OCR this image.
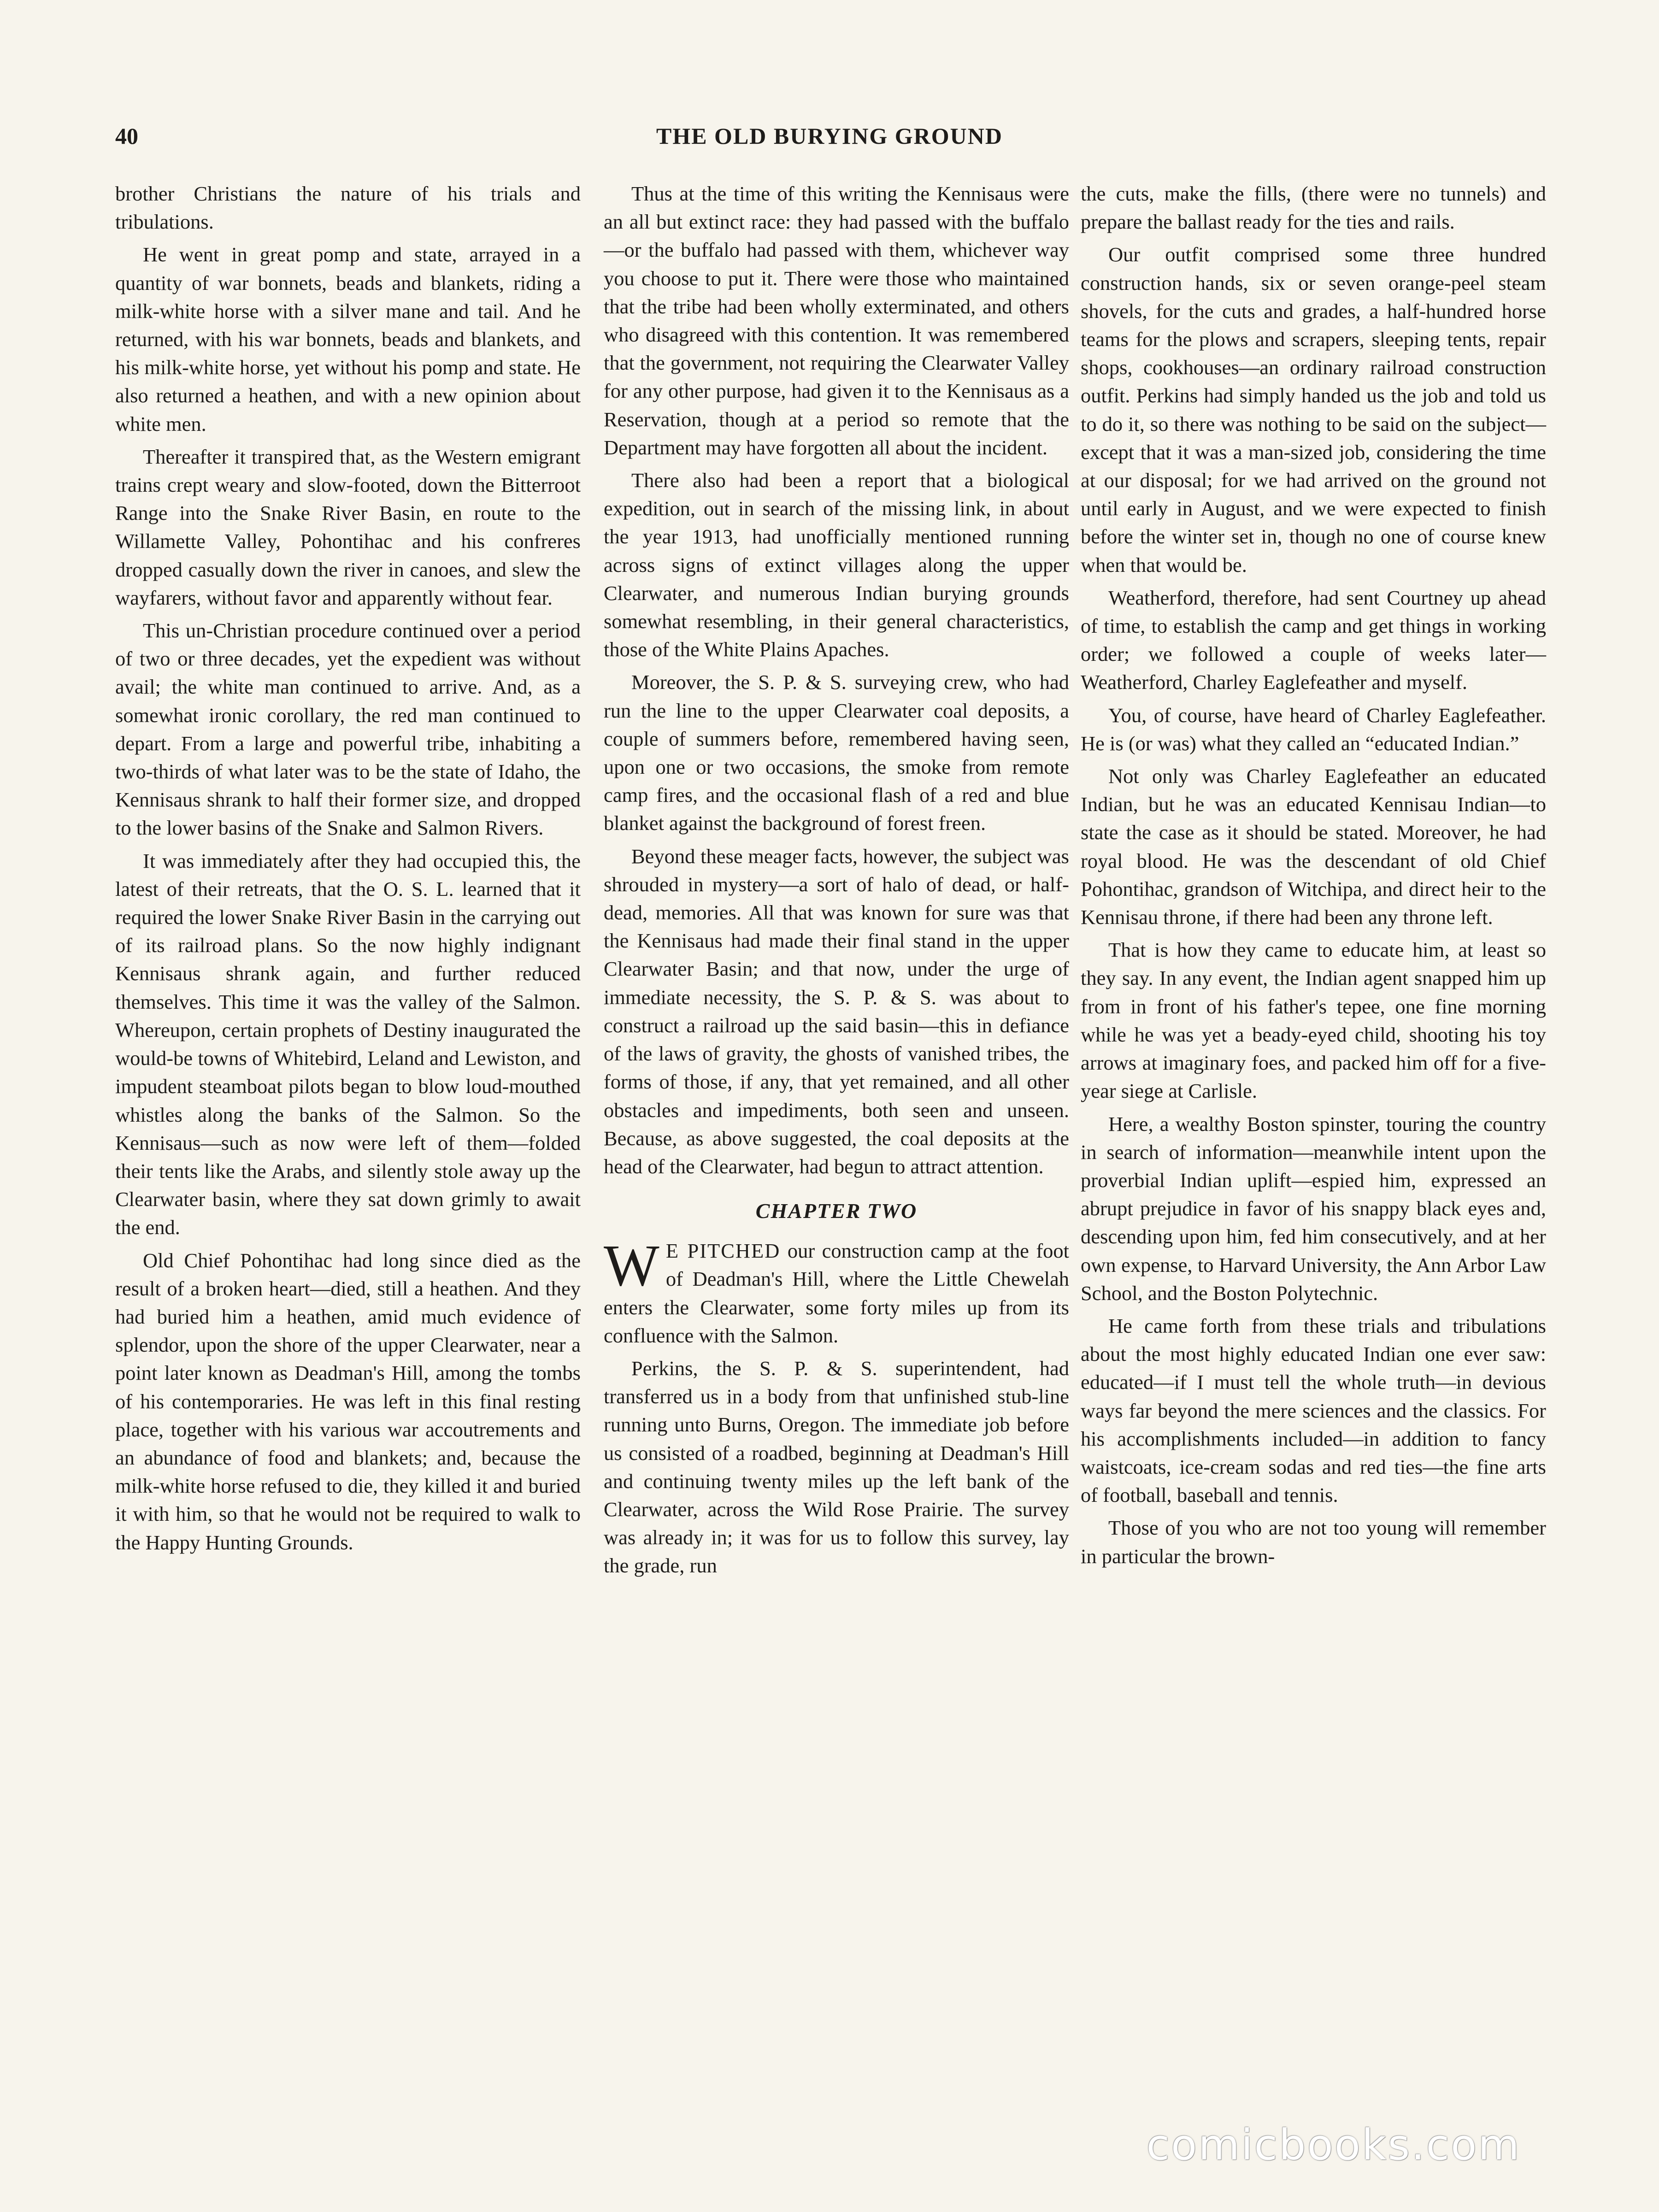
40	THE OLD BURYING GROUND

brother Christians the nature of his trials and tribulations.

He went in great pomp and state, arrayed in a quantity of war bonnets, beads and blankets, riding a milk-white horse with a silver mane and tail. And he returned, with his war bonnets, beads and blankets, and his milk-white horse, yet without his pomp and state. He also returned a heathen, and with a new opinion about white men.

Thereafter it transpired that, as the Western emigrant trains crept weary and slow-footed, down the Bitterroot Range into the Snake River Basin, en route to the Willamette Valley, Pohontihac and his confreres dropped casually down the river in canoes, and slew the wayfarers, without favor and apparently without fear.

This un-Christian procedure continued over a period of two or three decades, yet the expedient was without avail; the white man continued to arrive. And, as a somewhat ironic corollary, the red man continued to depart. From a large and powerful tribe, inhabiting a two-thirds of what later was to be the state of Idaho, the Kennisaus shrank to half their former size, and dropped to the lower basins of the Snake and Salmon Rivers.

It was immediately after they had occupied this, the latest of their retreats, that the O. S. L. learned that it required the lower Snake River Basin in the carrying out of its railroad plans. So the now highly indignant Kennisaus shrank again, and further reduced themselves. This time it was the valley of the Salmon. Whereupon, certain prophets of Destiny inaugurated the would-be towns of Whitebird, Leland and Lewiston, and impudent steamboat pilots began to blow loud-mouthed whistles along the banks of the Salmon. So the Kennisaus—such as now were left of them—folded their tents like the Arabs, and silently stole away up the Clearwater basin, where they sat down grimly to await the end.

Old Chief Pohontihac had long since died as the result of a broken heart—died, still a heathen. And they had buried him a heathen, amid much evidence of splendor, upon the shore of the upper Clearwater, near a point later known as Deadman's Hill, among the tombs of his contemporaries. He was left in this final resting place, together with his various war accoutrements and an abundance of food and blankets; and, because the milk-white horse refused to die, they killed it and buried it with him, so that he would not be required to walk to the Happy Hunting Grounds.

Thus at the time of this writing the Kennisaus were an all but extinct race: they had passed with the buffalo—or the buffalo had passed with them, whichever way you choose to put it. There were those who maintained that the tribe had been wholly exterminated, and others who disagreed with this contention. It was remembered that the government, not requiring the Clearwater Valley for any other purpose, had given it to the Kennisaus as a Reservation, though at a period so remote that the Department may have forgotten all about the incident.

There also had been a report that a biological expedition, out in search of the missing link, in about the year 1913, had unofficially mentioned running across signs of extinct villages along the upper Clearwater, and numerous Indian burying grounds somewhat resembling, in their general characteristics, those of the White Plains Apaches.

Moreover, the S. P. & S. surveying crew, who had run the line to the upper Clearwater coal deposits, a couple of summers before, remembered having seen, upon one or two occasions, the smoke from remote camp fires, and the occasional flash of a red and blue blanket against the background of forest freen.

Beyond these meager facts, however, the subject was shrouded in mystery—a sort of halo of dead, or half-dead, memories. All that was known for sure was that the Kennisaus had made their final stand in the upper Clearwater Basin; and that now, under the urge of immediate necessity, the S. P. & S. was about to construct a railroad up the said basin—this in defiance of the laws of gravity, the ghosts of vanished tribes, the forms of those, if any, that yet remained, and all other obstacles and impediments, both seen and unseen. Because, as above suggested, the coal deposits at the head of the Clearwater, had begun to attract attention.

CHAPTER TWO

W E PITCHED our construction camp at the foot of Deadman's Hill, where the Little Chewelah enters the Clearwater, some forty miles up from its confluence with the Salmon.

Perkins, the S. P. & S. superintendent, had transferred us in a body from that unfinished stub-line running unto Burns, Oregon. The immediate job before us consisted of a roadbed, beginning at Deadman's Hill and continuing twenty miles up the left bank of the Clearwater, across the Wild Rose Prairie. The survey was already in; it was for us to follow this survey, lay the grade, run

the cuts, make the fills, (there were no tunnels) and prepare the ballast ready for the ties and rails.

Our outfit comprised some three hundred construction hands, six or seven orange-peel steam shovels, for the cuts and grades, a half-hundred horse teams for the plows and scrapers, sleeping tents, repair shops, cookhouses—an ordinary railroad construction outfit. Perkins had simply handed us the job and told us to do it, so there was nothing to be said on the subject—except that it was a man-sized job, considering the time at our disposal; for we had arrived on the ground not until early in August, and we were expected to finish before the winter set in, though no one of course knew when that would be.

Weatherford, therefore, had sent Courtney up ahead of time, to establish the camp and get things in working order; we followed a couple of weeks later—Weatherford, Charley Eaglefeather and myself.

You, of course, have heard of Charley Eaglefeather. He is (or was) what they called an “educated Indian.”

Not only was Charley Eaglefeather an educated Indian, but he was an educated Kennisau Indian—to state the case as it should be stated. Moreover, he had royal blood. He was the descendant of old Chief Pohontihac, grandson of Witchipa, and direct heir to the Kennisau throne, if there had been any throne left.

That is how they came to educate him, at least so they say. In any event, the Indian agent snapped him up from in front of his father's tepee, one fine morning while he was yet a beady-eyed child, shooting his toy arrows at imaginary foes, and packed him off for a five-year siege at Carlisle.

Here, a wealthy Boston spinster, touring the country in search of information—meanwhile intent upon the proverbial Indian uplift—espied him, expressed an abrupt prejudice in favor of his snappy black eyes and, descending upon him, fed him consecutively, and at her own expense, to Harvard University, the Ann Arbor Law School, and the Boston Polytechnic.

He came forth from these trials and tribulations about the most highly educated Indian one ever saw: educated—if I must tell the whole truth—in devious ways far beyond the mere sciences and the classics. For his accomplishments included—in addition to fancy waistcoats, ice-cream sodas and red ties—the fine arts of football, baseball and tennis.

Those of you who are not too young will remember in particular the brown-

comicbooks.com
